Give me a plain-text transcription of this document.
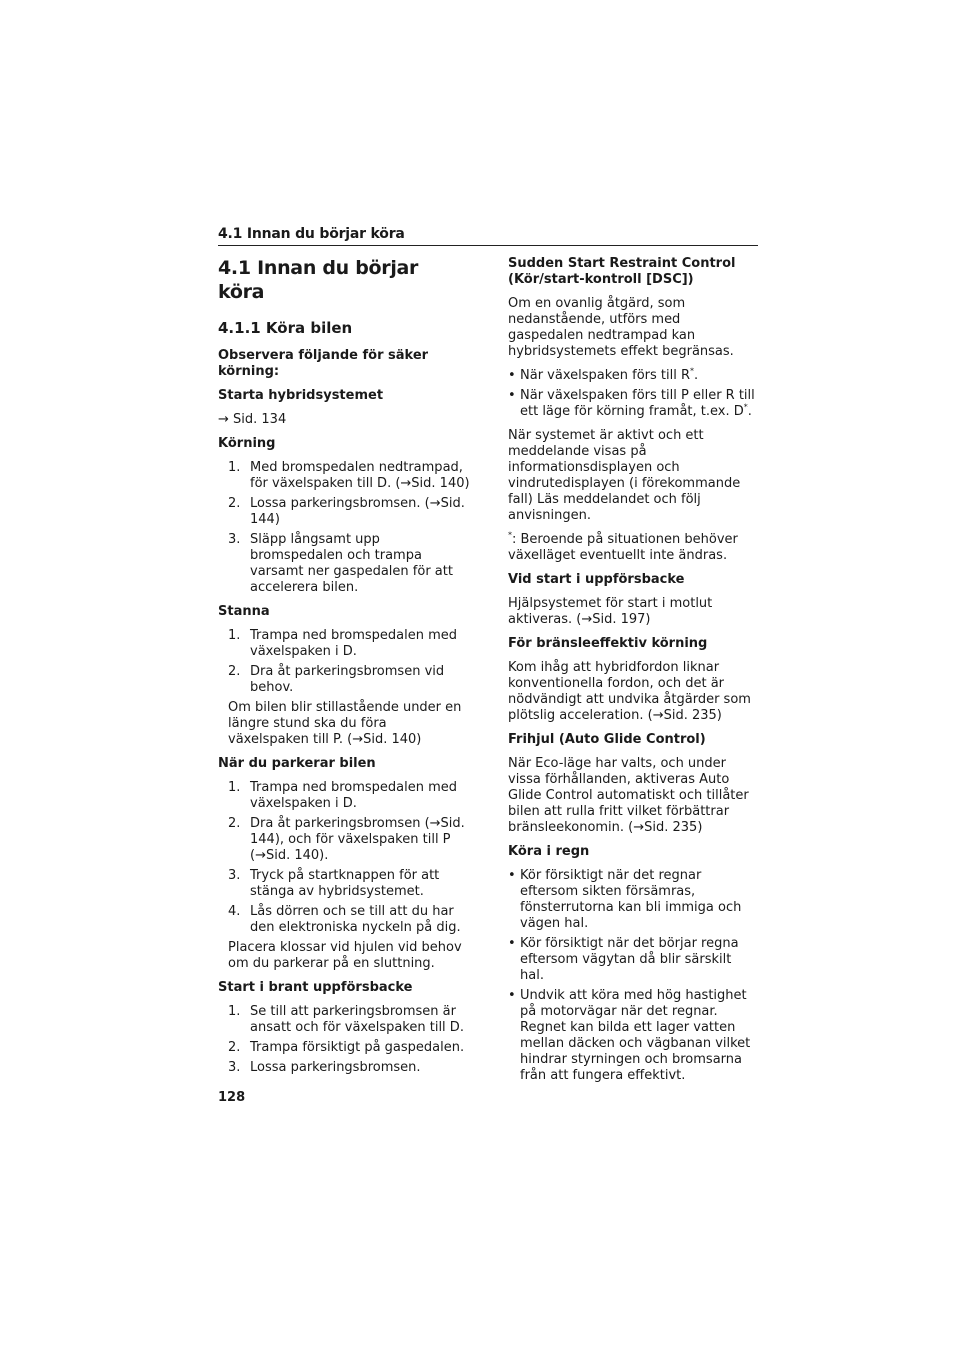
4.1 Innan du börjar köra
4.1 Innan du börjar köra
4.1.1 Köra bilen

Observera följande för säker körning:

Starta hybridsystemet

→ Sid. 134

Körning

1. Med bromspedalen nedtrampad, för växelspaken till D. (→Sid. 140)
2. Lossa parkeringsbromsen. (→Sid. 144)
3. Släpp långsamt upp bromspedalen och trampa varsamt ner gaspedalen för att accelerera bilen.

Stanna

1. Trampa ned bromspedalen med växelspaken i D.
2. Dra åt parkeringsbromsen vid behov.

Om bilen blir stillastående under en längre stund ska du föra växelspaken till P. (→Sid. 140)

När du parkerar bilen

1. Trampa ned bromspedalen med växelspaken i D.
2. Dra åt parkeringsbromsen (→Sid. 144), och för växelspaken till P (→Sid. 140).
3. Tryck på startknappen för att stänga av hybridsystemet.
4. Lås dörren och se till att du har den elektroniska nyckeln på dig.

Placera klossar vid hjulen vid behov om du parkerar på en sluttning.

Start i brant uppförsbacke

1. Se till att parkeringsbromsen är ansatt och för växelspaken till D.
2. Trampa försiktigt på gaspedalen.
3. Lossa parkeringsbromsen.

Sudden Start Restraint Control (Kör/start-kontroll [DSC])

Om en ovanlig åtgärd, som nedanstående, utförs med gaspedalen nedtrampad kan hybridsystemets effekt begränsas.

• När växelspaken förs till R*.
• När växelspaken förs till P eller R till ett läge för körning framåt, t.ex. D*.

När systemet är aktivt och ett meddelande visas på informationsdisplayen och vindrutedisplayen (i förekommande fall) Läs meddelandet och följ anvisningen.

*: Beroende på situationen behöver växelläget eventuellt inte ändras.

Vid start i uppförsbacke

Hjälpsystemet för start i motlut aktiveras. (→Sid. 197)

För bränsleeffektiv körning

Kom ihåg att hybridfordon liknar konventionella fordon, och det är nödvändigt att undvika åtgärder som plötslig acceleration. (→Sid. 235)

Frihjul (Auto Glide Control)

När Eco-läge har valts, och under vissa förhållanden, aktiveras Auto Glide Control automatiskt och tillåter bilen att rulla fritt vilket förbättrar bränsleekonomin. (→Sid. 235)

Köra i regn

• Kör försiktigt när det regnar eftersom sikten försämras, fönsterrutorna kan bli immiga och vägen hal.
• Kör försiktigt när det börjar regna eftersom vägytan då blir särskilt hal.
• Undvik att köra med hög hastighet på motorvägar när det regnar. Regnet kan bilda ett lager vatten mellan däcken och vägbanan vilket hindrar styrningen och bromsarna från att fungera effektivt.
128
